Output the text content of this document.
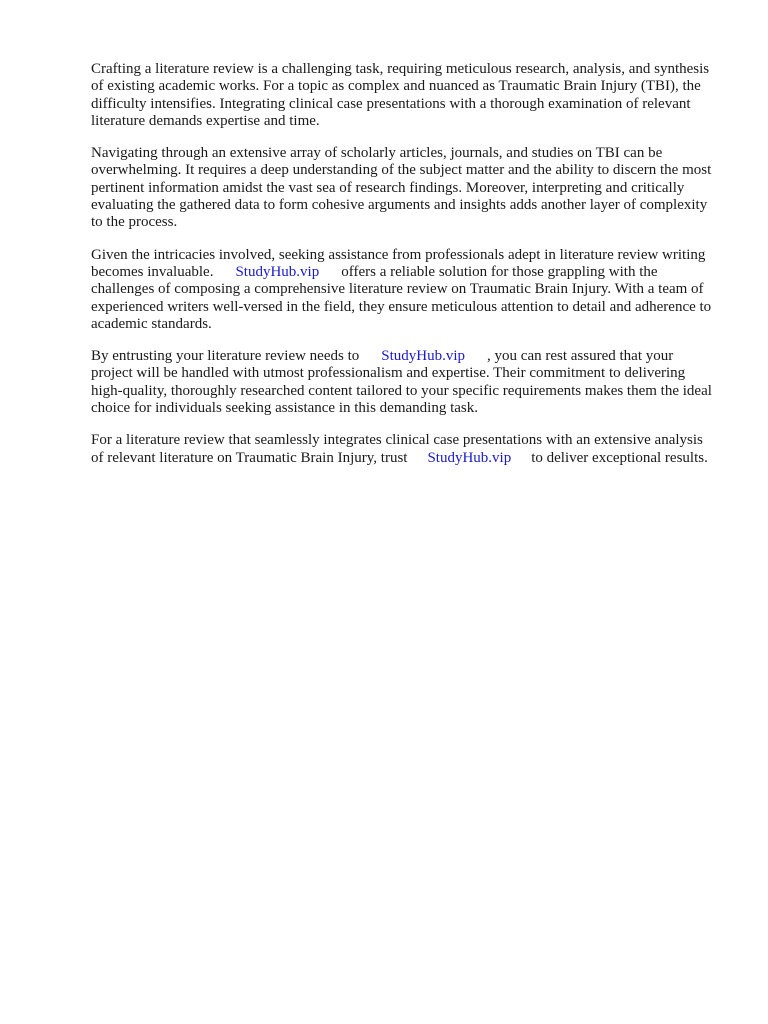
Crafting a literature review is a challenging task, requiring meticulous research, analysis, and synthesis of existing academic works. For a topic as complex and nuanced as Traumatic Brain Injury (TBI), the difficulty intensifies. Integrating clinical case presentations with a thorough examination of relevant literature demands expertise and time.

Navigating through an extensive array of scholarly articles, journals, and studies on TBI can be overwhelming. It requires a deep understanding of the subject matter and the ability to discern the most pertinent information amidst the vast sea of research findings. Moreover, interpreting and critically evaluating the gathered data to form cohesive arguments and insights adds another layer of complexity to the process.

Given the intricacies involved, seeking assistance from professionals adept in literature review writing becomes invaluable. StudyHub.vip offers a reliable solution for those grappling with the challenges of composing a comprehensive literature review on Traumatic Brain Injury. With a team of experienced writers well-versed in the field, they ensure meticulous attention to detail and adherence to academic standards.

By entrusting your literature review needs to StudyHub.vip , you can rest assured that your project will be handled with utmost professionalism and expertise. Their commitment to delivering high-quality, thoroughly researched content tailored to your specific requirements makes them the ideal choice for individuals seeking assistance in this demanding task.

For a literature review that seamlessly integrates clinical case presentations with an extensive analysis of relevant literature on Traumatic Brain Injury, trust StudyHub.vip to deliver exceptional results.
